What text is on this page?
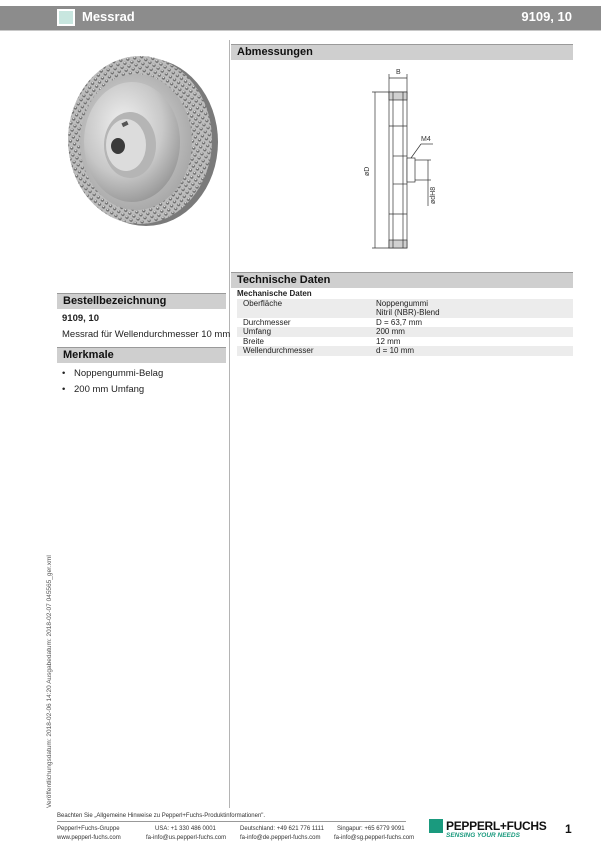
Messrad	9109, 10
Abmessungen
B
M4
øD
ødH8
Technische Daten
Mechanische Daten	
Oberfläche	Noppengummi
Nitril (NBR)-Blend

Durchmesser	D = 63,7 mm
Umfang	200 mm
Breite	12 mm
Wellendurchmesser	d = 10 mm
Bestellbezeichnung
9109, 10
Messrad für Wellendurchmesser 10 mm
Merkmale
• Noppengummi-Belag
• 200 mm Umfang
Veröffentlichungsdatum: 2018-02-06 14:20 Ausgabedatum: 2018-02-07 045565_ger.xml
Beachten Sie „Allgemeine Hinweise zu Pepperl+Fuchs-Produktinformationen".
Pepperl+Fuchs-Gruppe
www.pepperl-fuchs.com
USA: +1 330 486 0001
fa-info@us.pepperl-fuchs.com
Deutschland: +49 621 776 1111
fa-info@de.pepperl-fuchs.com
Singapur: +65 6779 9091
fa-info@sg.pepperl-fuchs.com
PEPPERL+FUCHS
SENSING YOUR NEEDS	1
